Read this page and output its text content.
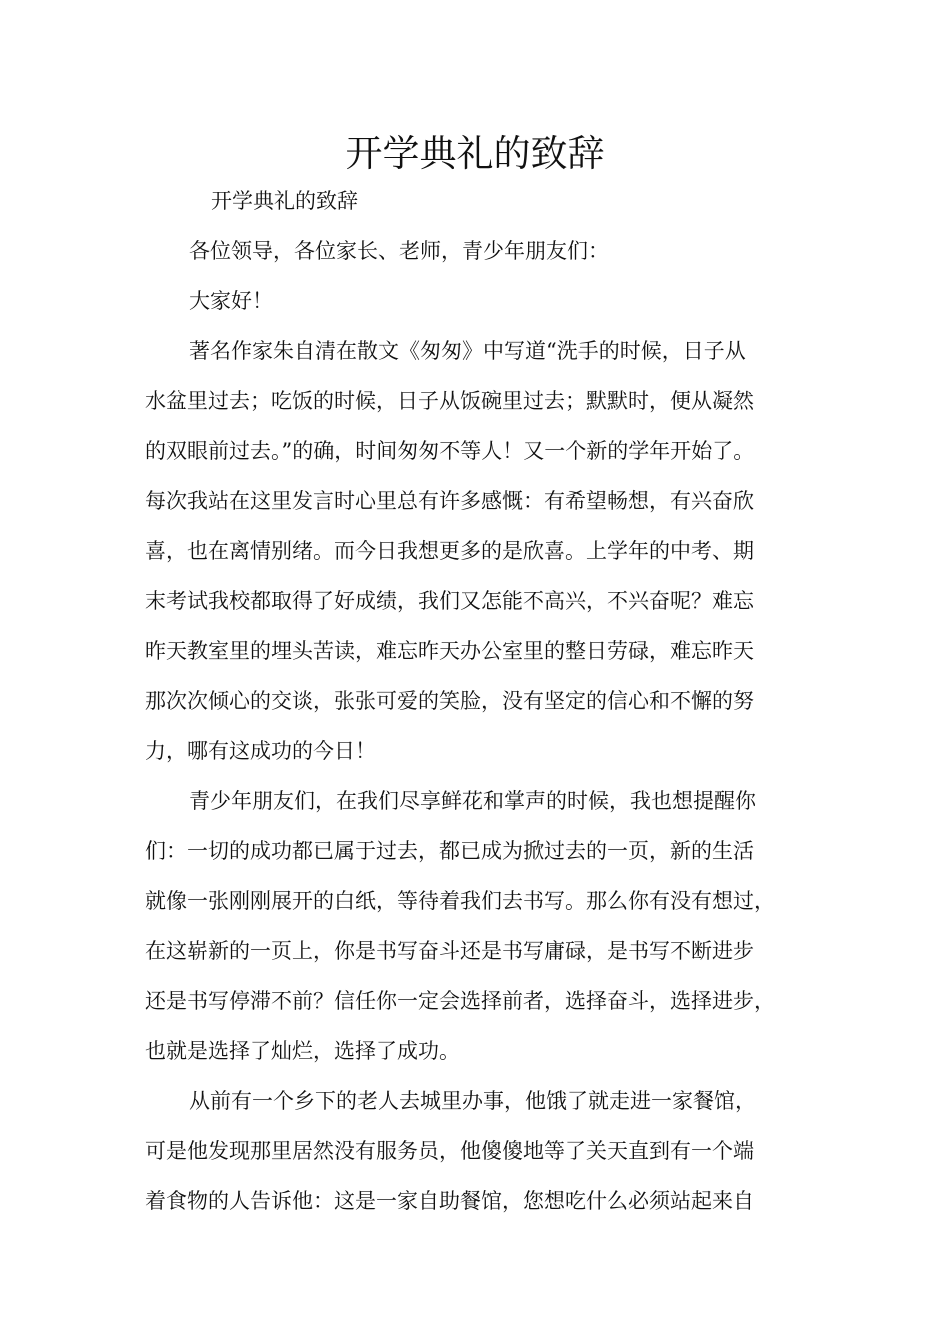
开学典礼的致辞

开学典礼的致辞

各位领导，各位家长、老师，青少年朋友们：

大家好！

著名作家朱自清在散文《匆匆》中写道“洗手的时候，日子从

水盆里过去；吃饭的时候，日子从饭碗里过去；默默时，便从凝然

的双眼前过去。”的确，时间匆匆不等人！又一个新的学年开始了。

每次我站在这里发言时心里总有许多感慨：有希望畅想，有兴奋欣

喜，也在离情别绪。而今日我想更多的是欣喜。上学年的中考、期

末考试我校都取得了好成绩，我们又怎能不高兴，不兴奋呢？难忘

昨天教室里的埋头苦读，难忘昨天办公室里的整日劳碌，难忘昨天

那次次倾心的交谈，张张可爱的笑脸，没有坚定的信心和不懈的努

力，哪有这成功的今日！

青少年朋友们，在我们尽享鲜花和掌声的时候，我也想提醒你

们：一切的成功都已属于过去，都已成为掀过去的一页，新的生活

就像一张刚刚展开的白纸，等待着我们去书写。那么你有没有想过，

在这崭新的一页上，你是书写奋斗还是书写庸碌，是书写不断进步

还是书写停滞不前？信任你一定会选择前者，选择奋斗，选择进步，

也就是选择了灿烂，选择了成功。

从前有一个乡下的老人去城里办事，他饿了就走进一家餐馆，

可是他发现那里居然没有服务员，他傻傻地等了关天直到有一个端

着食物的人告诉他：这是一家自助餐馆，您想吃什么必须站起来自
